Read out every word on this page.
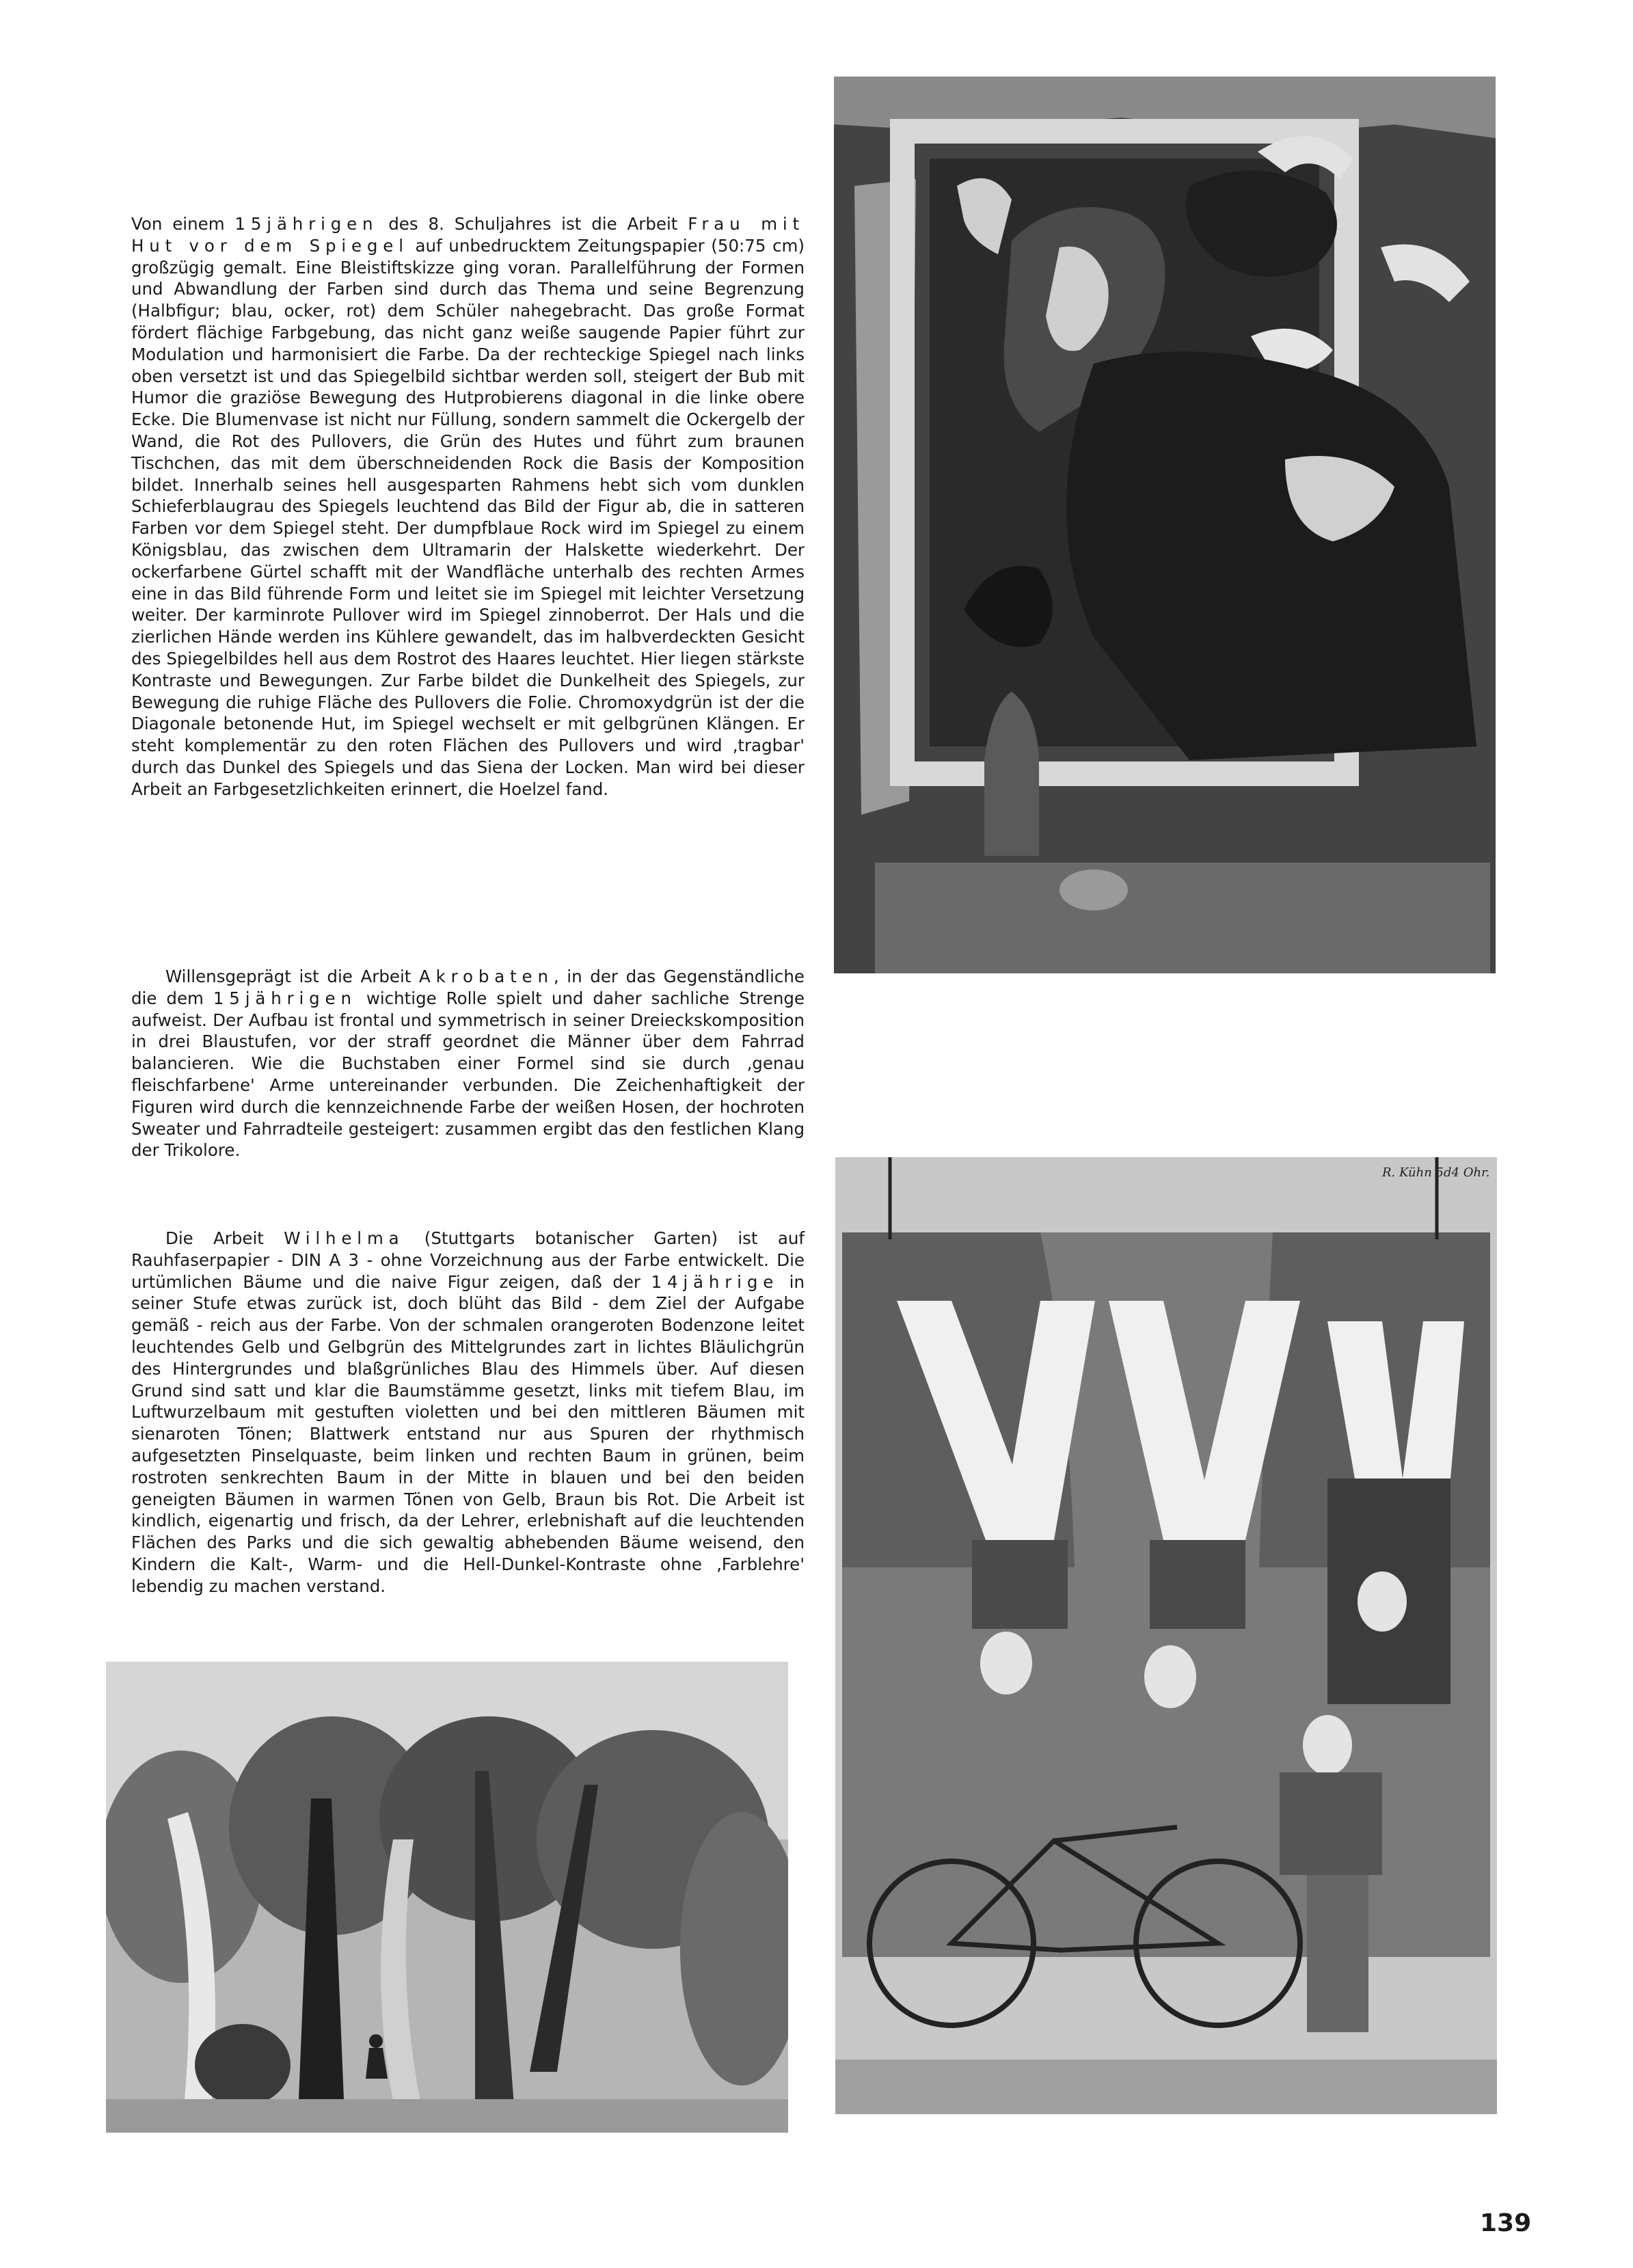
Von einem 15jährigen des 8. Schuljahres ist die Arbeit Frau mit Hut vor dem Spiegel auf unbedrucktem Zeitungspapier (50:75 cm) großzügig gemalt. Eine Bleistiftskizze ging voran. Parallelführung der Formen und Abwandlung der Farben sind durch das Thema und seine Begrenzung (Halbfigur; blau, ocker, rot) dem Schüler nahegebracht. Das große Format fördert flächige Farbgebung, das nicht ganz weiße saugende Papier führt zur Modulation und harmonisiert die Farbe. Da der rechteckige Spiegel nach links oben versetzt ist und das Spiegelbild sichtbar werden soll, steigert der Bub mit Humor die graziöse Bewegung des Hutprobierens diagonal in die linke obere Ecke. Die Blumenvase ist nicht nur Füllung, sondern sammelt die Ockergelb der Wand, die Rot des Pullovers, die Grün des Hutes und führt zum braunen Tischchen, das mit dem überschneidenden Rock die Basis der Komposition bildet. Innerhalb seines hell ausgesparten Rahmens hebt sich vom dunklen Schieferblaugrau des Spiegels leuchtend das Bild der Figur ab, die in satteren Farben vor dem Spiegel steht. Der dumpfblaue Rock wird im Spiegel zu einem Königsblau, das zwischen dem Ultramarin der Halskette wiederkehrt. Der ockerfarbene Gürtel schafft mit der Wandfläche unterhalb des rechten Armes eine in das Bild führende Form und leitet sie im Spiegel mit leichter Versetzung weiter. Der karminrote Pullover wird im Spiegel zinnoberrot. Der Hals und die zierlichen Hände werden ins Kühlere gewandelt, das im halbverdeckten Gesicht des Spiegelbildes hell aus dem Rostrot des Haares leuchtet. Hier liegen stärkste Kontraste und Bewegungen. Zur Farbe bildet die Dunkelheit des Spiegels, zur Bewegung die ruhige Fläche des Pullovers die Folie. Chromoxydgrün ist der die Diagonale betonende Hut, im Spiegel wechselt er mit gelbgrünen Klängen. Er steht komplementär zu den roten Flächen des Pullovers und wird ‚tragbar' durch das Dunkel des Spiegels und das Siena der Locken. Man wird bei dieser Arbeit an Farbgesetzlichkeiten erinnert, die Hoelzel fand.

Willensgeprägt ist die Arbeit Akrobaten, in der das Gegenständliche die dem 15jährigen wichtige Rolle spielt und daher sachliche Strenge aufweist. Der Aufbau ist frontal und symmetrisch in seiner Dreieckskomposition in drei Blaustufen, vor der straff geordnet die Männer über dem Fahrrad balancieren. Wie die Buchstaben einer Formel sind sie durch ‚genau fleischfarbene' Arme untereinander verbunden. Die Zeichenhaftigkeit der Figuren wird durch die kennzeichnende Farbe der weißen Hosen, der hochroten Sweater und Fahrradteile gesteigert: zusammen ergibt das den festlichen Klang der Trikolore.

Die Arbeit Wilhelma (Stuttgarts botanischer Garten) ist auf Rauhfaserpapier - DIN A 3 - ohne Vorzeichnung aus der Farbe entwickelt. Die urtümlichen Bäume und die naive Figur zeigen, daß der 14jährige in seiner Stufe etwas zurück ist, doch blüht das Bild - dem Ziel der Aufgabe gemäß - reich aus der Farbe. Von der schmalen orangeroten Bodenzone leitet leuchtendes Gelb und Gelbgrün des Mittelgrundes zart in lichtes Bläulichgrün des Hintergrundes und blaßgrünliches Blau des Himmels über. Auf diesen Grund sind satt und klar die Baumstämme gesetzt, links mit tiefem Blau, im Luftwurzelbaum mit gestuften violetten und bei den mittleren Bäumen mit sienaroten Tönen; Blattwerk entstand nur aus Spuren der rhythmisch aufgesetzten Pinselquaste, beim linken und rechten Baum in grünen, beim rostroten senkrechten Baum in der Mitte in blauen und bei den beiden geneigten Bäumen in warmen Tönen von Gelb, Braun bis Rot. Die Arbeit ist kindlich, eigenartig und frisch, da der Lehrer, erlebnishaft auf die leuchtenden Flächen des Parks und die sich gewaltig abhebenden Bäume weisend, den Kindern die Kalt-, Warm- und die Hell-Dunkel-Kontraste ohne ‚Farblehre' lebendig zu machen verstand.

R. Kühn 5d4 Ohr.
139
